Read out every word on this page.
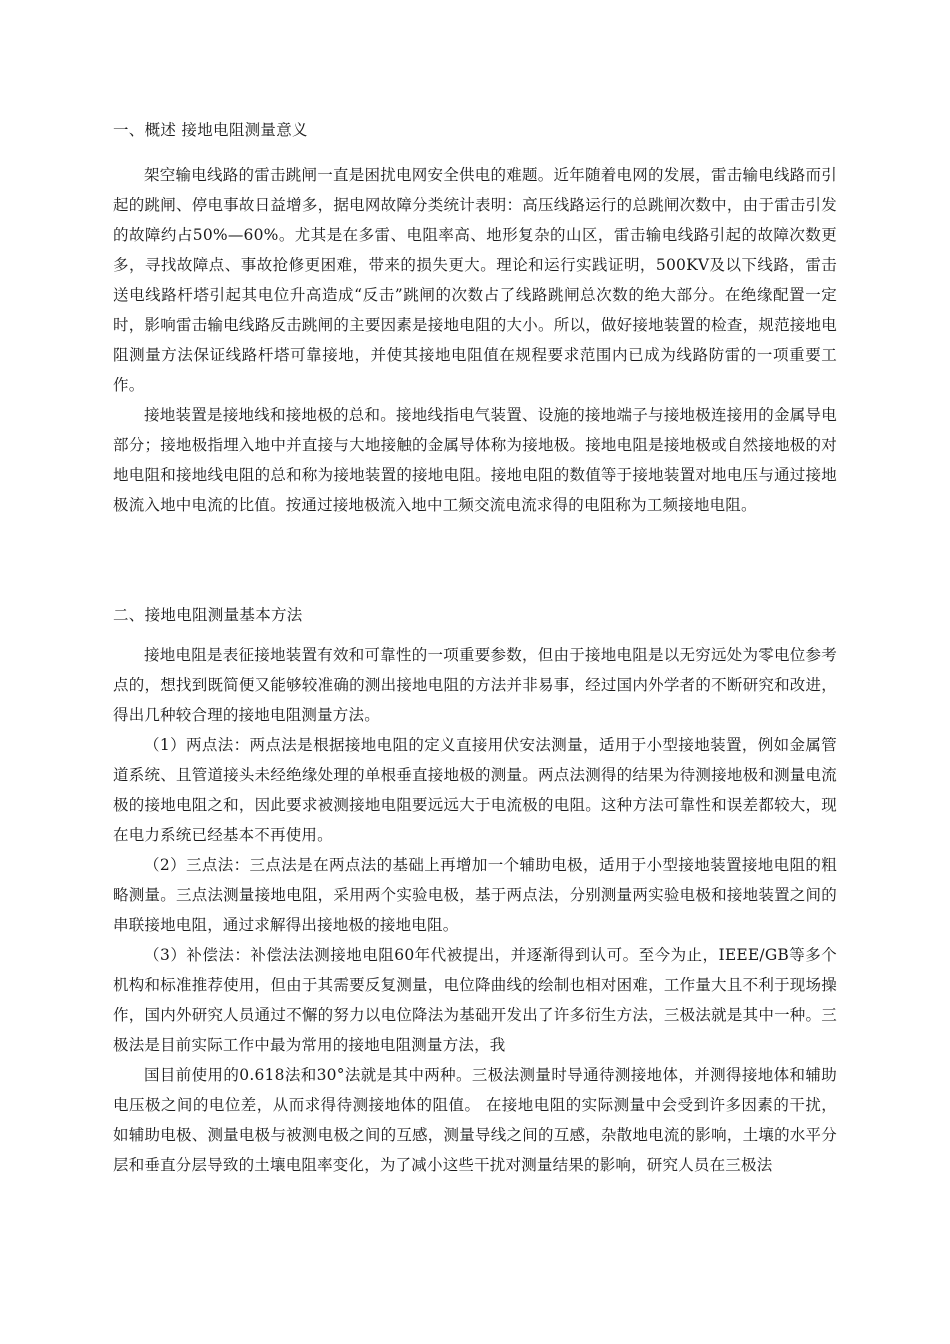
一、概述 接地电阻测量意义

架空输电线路的雷击跳闸一直是困扰电网安全供电的难题。近年随着电网的发展，雷击输电线路而引起的跳闸、停电事故日益增多，据电网故障分类统计表明：高压线路运行的总跳闸次数中，由于雷击引发的故障约占50%—60%。尤其是在多雷、电阻率高、地形复杂的山区，雷击输电线路引起的故障次数更多，寻找故障点、事故抢修更困难，带来的损失更大。理论和运行实践证明，500KV及以下线路，雷击送电线路杆塔引起其电位升高造成“反击”跳闸的次数占了线路跳闸总次数的绝大部分。在绝缘配置一定时，影响雷击输电线路反击跳闸的主要因素是接地电阻的大小。所以，做好接地装置的检查，规范接地电阻测量方法保证线路杆塔可靠接地，并使其接地电阻值在规程要求范围内已成为线路防雷的一项重要工作。

接地装置是接地线和接地极的总和。接地线指电气装置、设施的接地端子与接地极连接用的金属导电部分；接地极指埋入地中并直接与大地接触的金属导体称为接地极。接地电阻是接地极或自然接地极的对地电阻和接地线电阻的总和称为接地装置的接地电阻。接地电阻的数值等于接地装置对地电压与通过接地极流入地中电流的比值。按通过接地极流入地中工频交流电流求得的电阻称为工频接地电阻。

二、接地电阻测量基本方法

接地电阻是表征接地装置有效和可靠性的一项重要参数，但由于接地电阻是以无穷远处为零电位参考点的，想找到既简便又能够较准确的测出接地电阻的方法并非易事，经过国内外学者的不断研究和改进，得出几种较合理的接地电阻测量方法。

（1）两点法：两点法是根据接地电阻的定义直接用伏安法测量，适用于小型接地装置，例如金属管道系统、且管道接头未经绝缘处理的单根垂直接地极的测量。两点法测得的结果为待测接地极和测量电流极的接地电阻之和，因此要求被测接地电阻要远远大于电流极的电阻。这种方法可靠性和误差都较大，现在电力系统已经基本不再使用。

（2）三点法：三点法是在两点法的基础上再增加一个辅助电极，适用于小型接地装置接地电阻的粗略测量。三点法测量接地电阻，采用两个实验电极，基于两点法，分别测量两实验电极和接地装置之间的串联接地电阻，通过求解得出接地极的接地电阻。

（3）补偿法：补偿法法测接地电阻60年代被提出，并逐渐得到认可。至今为止，IEEE/GB等多个机构和标准推荐使用，但由于其需要反复测量，电位降曲线的绘制也相对困难，工作量大且不利于现场操作，国内外研究人员通过不懈的努力以电位降法为基础开发出了许多衍生方法，三极法就是其中一种。三极法是目前实际工作中最为常用的接地电阻测量方法，我

国目前使用的0.618法和30°法就是其中两种。三极法测量时导通待测接地体，并测得接地体和辅助电压极之间的电位差，从而求得待测接地体的阻值。 在接地电阻的实际测量中会受到许多因素的干扰，如辅助电极、测量电极与被测电极之间的互感，测量导线之间的互感，杂散地电流的影响，土壤的水平分层和垂直分层导致的土壤电阻率变化，为了减小这些干扰对测量结果的影响，研究人员在三极法
